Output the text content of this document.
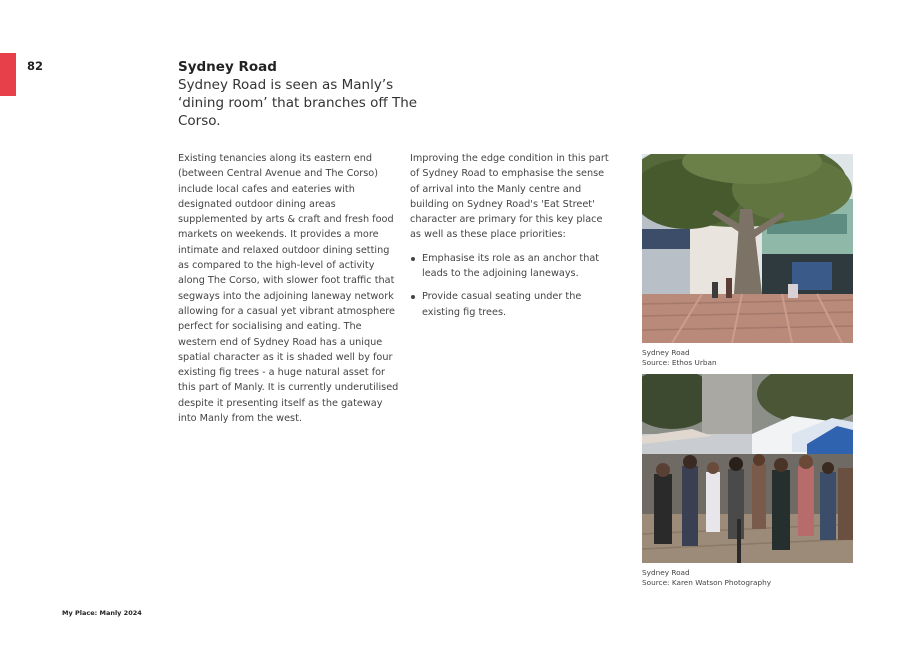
82	Sydney Road

Sydney Road is seen as Manly’s ‘dining room’ that branches off The Corso.

Existing tenancies along its eastern end (between Central Avenue and The Corso) include local cafes and eateries with designated outdoor dining areas supplemented by arts & craft and fresh food markets on weekends. It provides a more intimate and relaxed outdoor dining setting as compared to the high-level of activity along The Corso, with slower foot traffic that segways into the adjoining laneway network allowing for a casual yet vibrant atmosphere perfect for socialising and eating. The western end of Sydney Road has a unique spatial character as it is shaded well by four existing fig trees - a huge natural asset for this part of Manly. It is currently underutilised despite it presenting itself as the gateway into Manly from the west.

Improving the edge condition in this part of Sydney Road to emphasise the sense of arrival into the Manly centre and building on Sydney Road's 'Eat Street' character are primary for this key place as well as these place priorities:

Emphasise its role as an anchor that leads to the adjoining laneways.
Provide casual seating under the existing fig trees.

Sydney Road

Source: Ethos Urban

Sydney Road

Source: Karen Watson Photography

My Place: Manly 2024
